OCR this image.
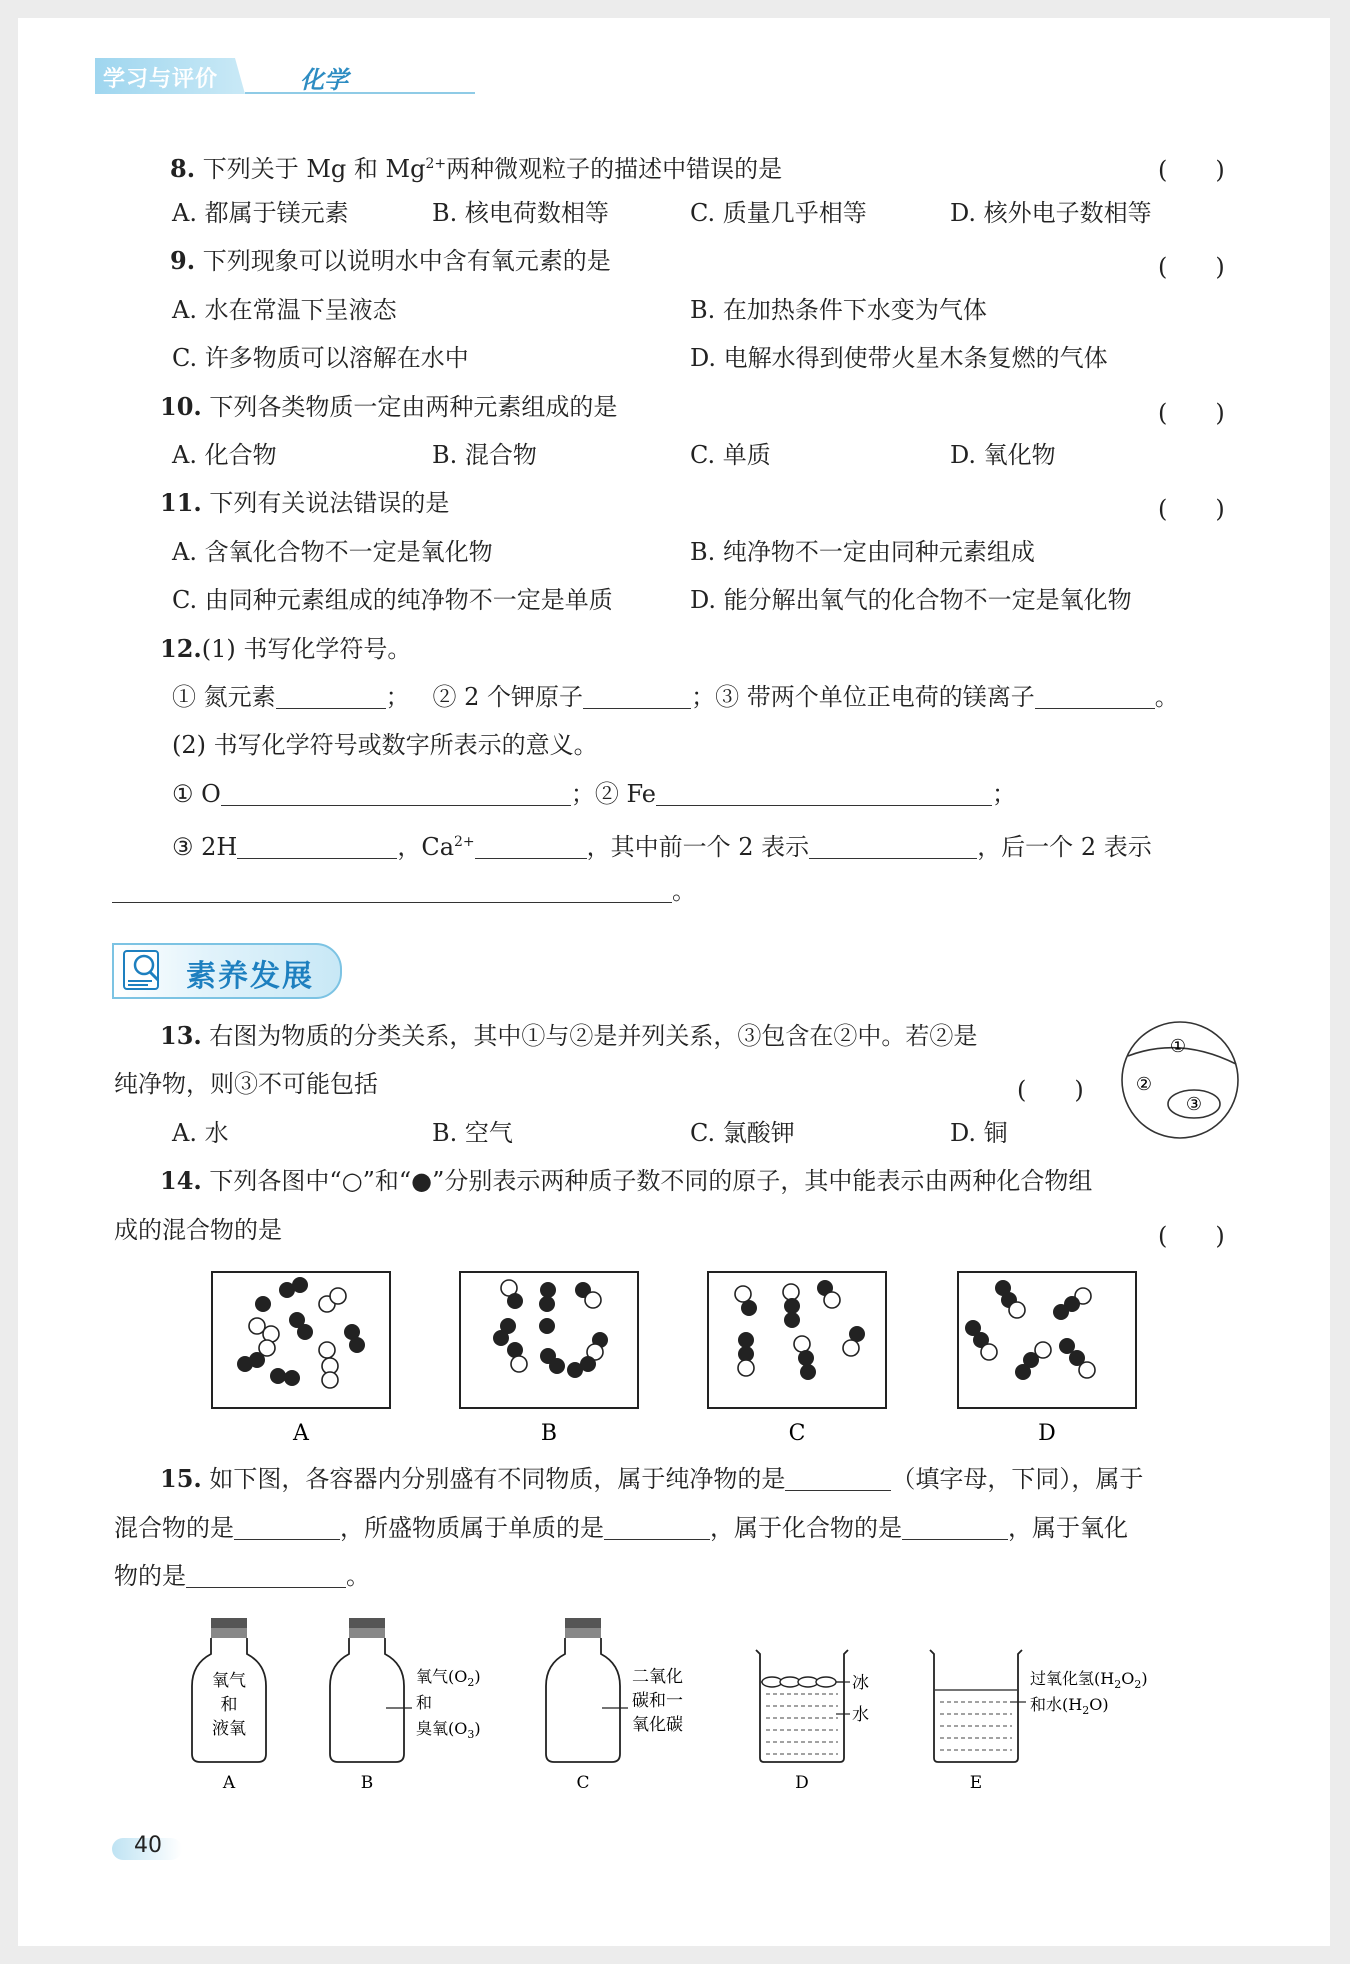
学习与评价	化学
8. 下列关于 Mg 和 $Mg^{2+}$两种微观粒子的描述中错误的是	(　　)
A. 都属于镁元素	B. 核电荷数相等	C. 质量几乎相等	D. 核外电子数相等
9. 下列现象可以说明水中含有氧元素的是	(　　)
A. 水在常温下呈液态	B. 在加热条件下水变为气体
C. 许多物质可以溶解在水中	D. 电解水得到使带火星木条复燃的气体
10. 下列各类物质一定由两种元素组成的是	(　　)
A. 化合物	B. 混合物	C. 单质	D. 氧化物
11. 下列有关说法错误的是	(　　)
A. 含氧化合物不一定是氧化物	B. 纯净物不一定由同种元素组成
C. 由同种元素组成的纯净物不一定是单质	D. 能分解出氧气的化合物不一定是氧化物
12.(1) 书写化学符号。
① 氮元素	； ② 2 个钾原子	；③ 带两个单位正电荷的镁离子	。
(2) 书写化学符号或数字所表示的意义。
① O	；② Fe	；
③ 2H	，$Ca^{2+}$	，其中前一个 2 表示	，后一个 2 表示
。
素养发展
13. 右图为物质的分类关系，其中①与②是并列关系，③包含在②中。若②是
纯净物，则③不可能包括	(　　)
A. 水	B. 空气	C. 氯酸钾	D. 铜
①
②
③
14. 下列各图中“○”和“●”分别表示两种质子数不同的原子，其中能表示由两种化合物组
成的混合物的是	(　　)
A	B	C	D
15. 如下图，各容器内分别盛有不同物质，属于纯净物的是	（填字母，下同），属于
混合物的是	，所盛物质属于单质的是	，属于化合物的是	，属于氧化
物的是	。
氧气
和
液氧
A
氧气$(O_2)$
和
臭氧$(O_3)$
B
二氧化
碳和一
氧化碳
C
冰
水
D
过氧化氢$(H_2O_2)$
和水$(H_2O)$
E
40
